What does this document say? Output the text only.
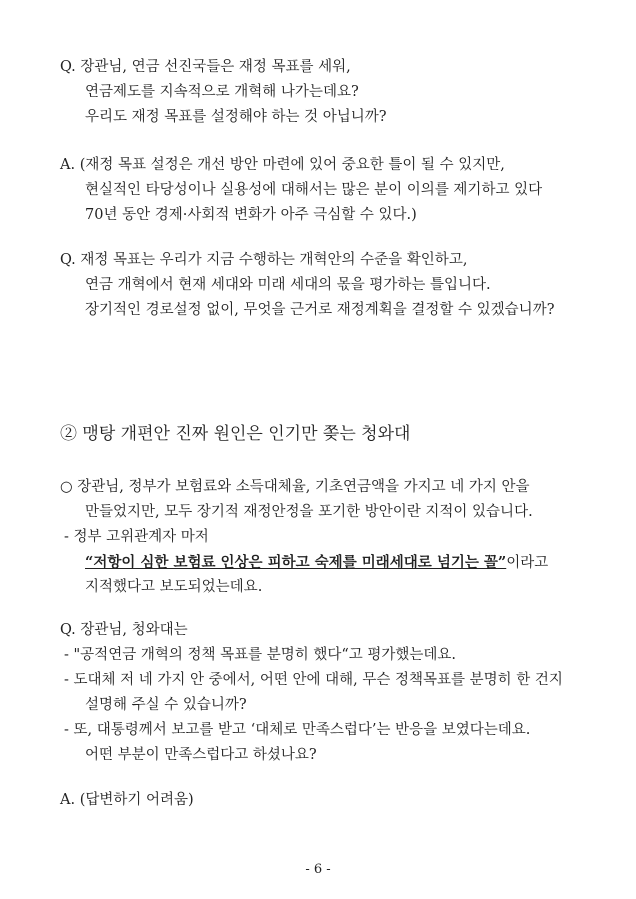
Q. 장관님, 연금 선진국들은 재정 목표를 세워,
연금제도를 지속적으로 개혁해 나가는데요?
우리도 재정 목표를 설정해야 하는 것 아닙니까?
A. (재정 목표 설정은 개선 방안 마련에 있어 중요한 틀이 될 수 있지만,
현실적인 타당성이나 실용성에 대해서는 많은 분이 이의를 제기하고 있다
70년 동안 경제·사회적 변화가 아주 극심할 수 있다.)
Q. 재정 목표는 우리가 지금 수행하는 개혁안의 수준을 확인하고,
연금 개혁에서 현재 세대와 미래 세대의 몫을 평가하는 틀입니다.
장기적인 경로설정 없이, 무엇을 근거로 재정계획을 결정할 수 있겠습니까?
② 맹탕 개편안 진짜 원인은 인기만 쫒는 청와대
○ 장관님, 정부가 보험료와 소득대체율, 기초연금액을 가지고 네 가지 안을
만들었지만, 모두 장기적 재정안정을 포기한 방안이란 지적이 있습니다.
- 정부 고위관계자 마저
“저항이 심한 보험료 인상은 피하고 숙제를 미래세대로 넘기는 꼴”이라고
지적했다고 보도되었는데요.
Q. 장관님, 청와대는
- "공적연금 개혁의 정책 목표를 분명히 했다“고 평가했는데요.
- 도대체 저 네 가지 안 중에서, 어떤 안에 대해, 무슨 정책목표를 분명히 한 건지
설명해 주실 수 있습니까?
- 또, 대통령께서 보고를 받고 ‘대체로 만족스럽다’는 반응을 보였다는데요.
어떤 부분이 만족스럽다고 하셨나요?
A. (답변하기 어려움)
- 6 -
